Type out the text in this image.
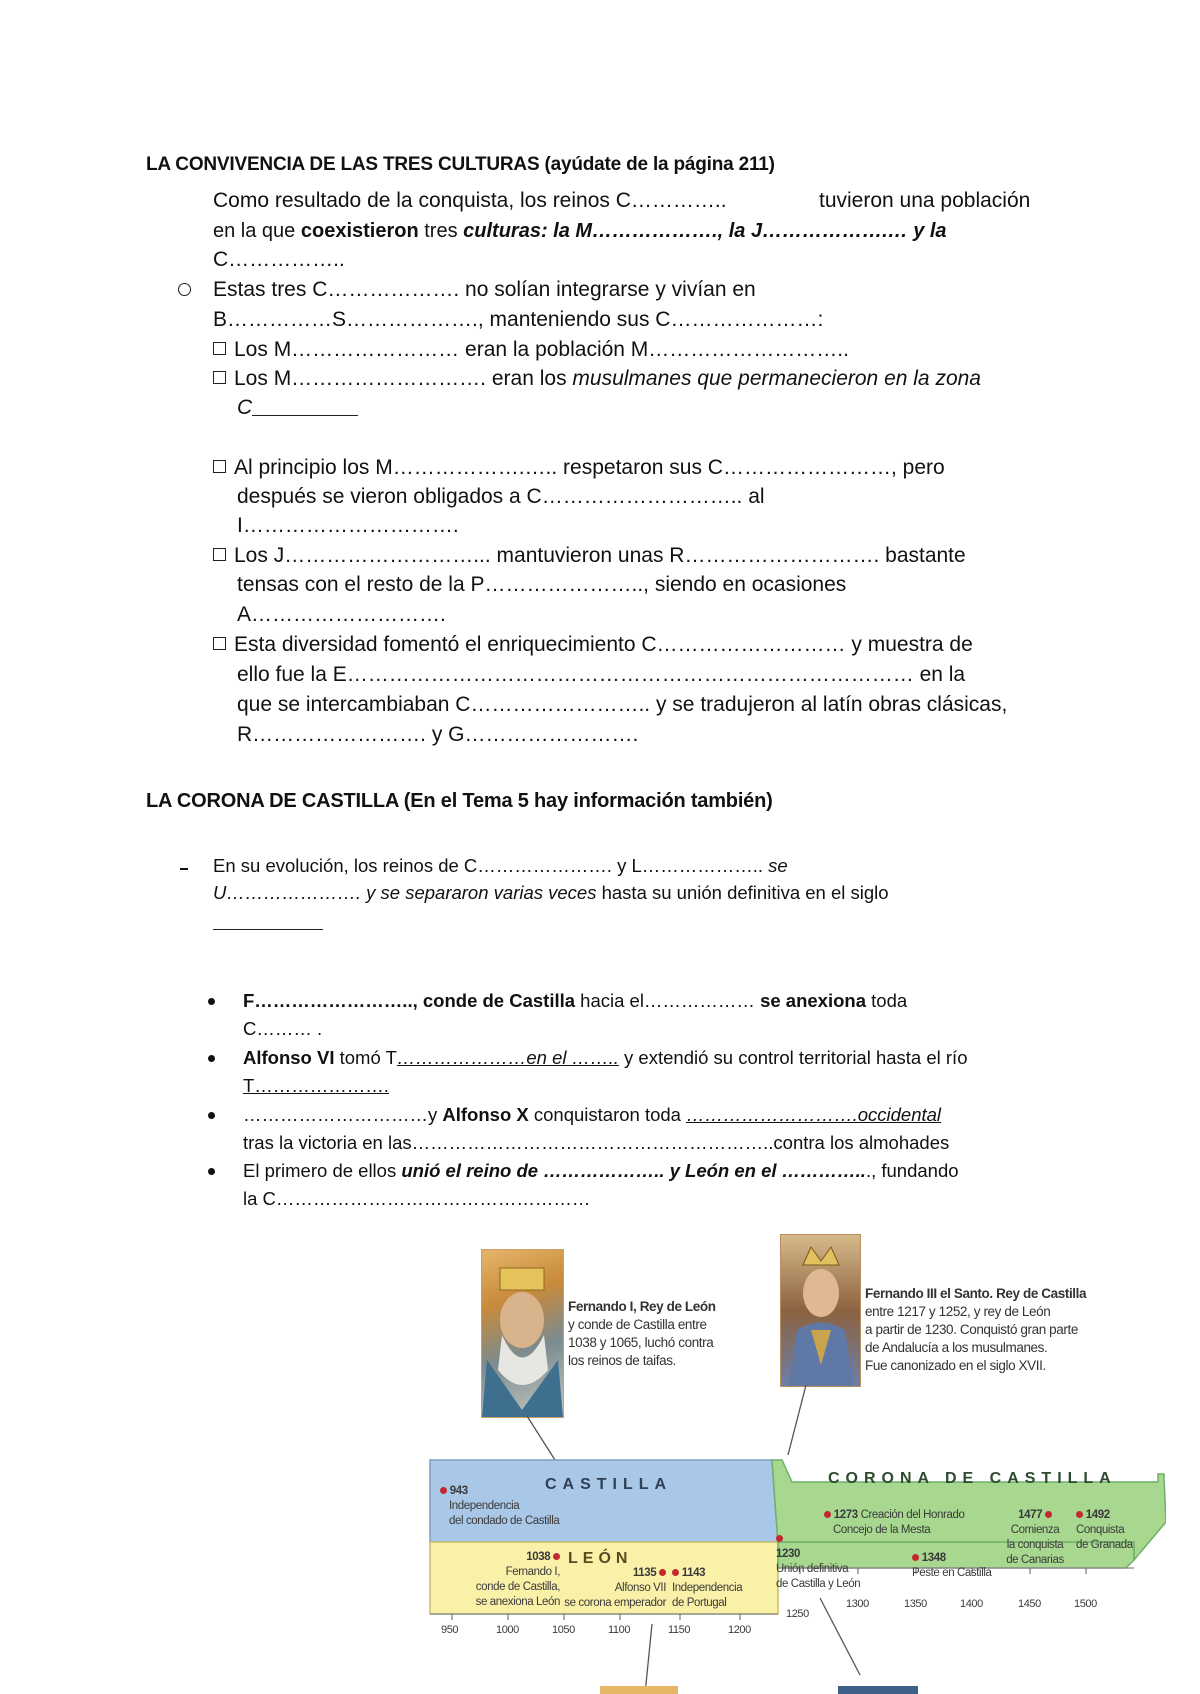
LA CONVIVENCIA DE LAS TRES CULTURAS (ayúdate de la página 211)
Como resultado de la conquista, los reinos C…………..	tuvieron una población
en la que coexistieron tres culturas: la M………………., la J……………….… y la
C……………..
Estas tres C………………. no solían integrarse y vivían en
B……………S………………., manteniendo sus C…………………:
Los M…………………… eran la población M………………………..
Los M………………………. eran los musulmanes que permanecieron en la zona
C
Al principio los M……………….….. respetaron sus C……………………, pero
después se vieron obligados a C……………………….. al
I………………………….
Los J………………………... mantuvieron unas R………………………. bastante
tensas con el resto de la P………………….., siendo en ocasiones
A……………………….
Esta diversidad fomentó el enriquecimiento C……………………… y muestra de
ello fue la E……………………………………………………………………… en la
que se intercambiaban C…………………….. y se tradujeron al latín obras clásicas,
R……………………. y G…………………….
LA CORONA DE CASTILLA (En el Tema 5 hay información también)
En su evolución, los reinos de C…………………. y L……………….. se
U…………………. y se separaron varias veces hasta su unión definitiva en el siglo
F…………………….., conde de Castilla hacia el……………… se anexiona toda
C……… .
Alfonso VI tomó T…………………en el …….. y extendió su control territorial hasta el río
T………………….
…………………………y Alfonso X conquistaron toda ……………………….occidental
tras la victoria en las…………………………………………………..contra los almohades
El primero de ellos unió el reino de ……………….. y León en el …………..., fundando
la C……………………………………………
Fernando I, Rey de León
y conde de Castilla entre
1038 y 1065, luchó contra
los reinos de taifas.
Fernando III el Santo. Rey de Castilla
entre 1217 y 1252, y rey de León
a partir de 1230. Conquistó gran parte
de Andalucía a los musulmanes.
Fue canonizado en el siglo XVII.
CASTILLA
LEÓN
CORONA DE CASTILLA
943
Independencia
del condado de Castilla
1038
Fernando I,
conde de Castilla,
se anexiona León
1135
Alfonso VII
se corona emperador
1143
Independencia
de Portugal
1230
Unión definitiva
de Castilla y León
1273 Creación del Honrado
Concejo de la Mesta
1348
Peste en Castilla
1477
Comienza
la conquista
de Canarias
1492
Conquista
de Granada
950	1000	1050	1100	1150	1200
1250
1300	1350	1400	1450	1500
